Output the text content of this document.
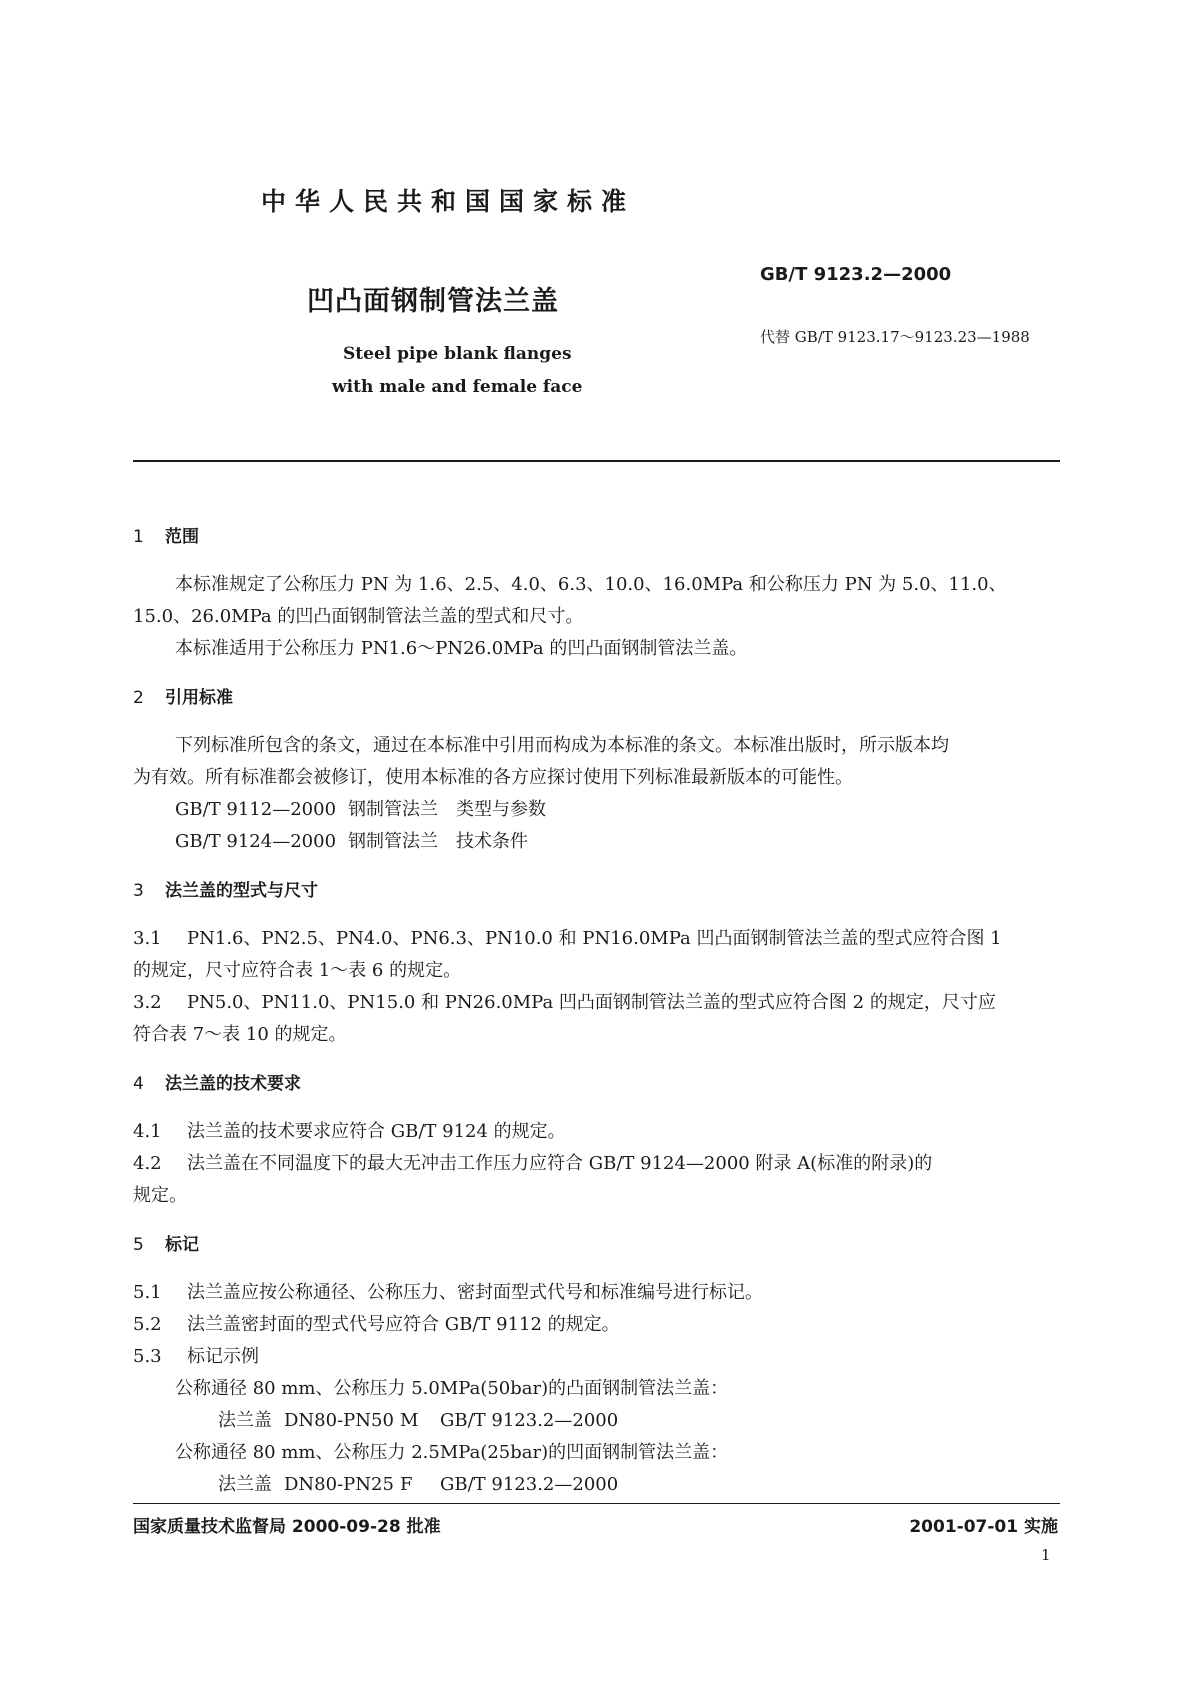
中华人民共和国国家标准
GB/T 9123.2—2000
凹凸面钢制管法兰盖
代替 GB/T 9123.17～9123.23—1988
Steel pipe blank flanges
with male and female face
1 范围
本标准规定了公称压力 PN 为 1.6、2.5、4.0、6.3、10.0、16.0MPa 和公称压力 PN 为 5.0、11.0、
15.0、26.0MPa 的凹凸面钢制管法兰盖的型式和尺寸。
本标准适用于公称压力 PN1.6～PN26.0MPa 的凹凸面钢制管法兰盖。
2 引用标准
下列标准所包含的条文，通过在本标准中引用而构成为本标准的条文。本标准出版时，所示版本均
为有效。所有标准都会被修订，使用本标准的各方应探讨使用下列标准最新版本的可能性。
GB/T 9112—2000 钢制管法兰 类型与参数
GB/T 9124—2000 钢制管法兰 技术条件
3 法兰盖的型式与尺寸
3.1 PN1.6、PN2.5、PN4.0、PN6.3、PN10.0 和 PN16.0MPa 凹凸面钢制管法兰盖的型式应符合图 1
的规定，尺寸应符合表 1～表 6 的规定。
3.2 PN5.0、PN11.0、PN15.0 和 PN26.0MPa 凹凸面钢制管法兰盖的型式应符合图 2 的规定，尺寸应
符合表 7～表 10 的规定。
4 法兰盖的技术要求
4.1 法兰盖的技术要求应符合 GB/T 9124 的规定。
4.2 法兰盖在不同温度下的最大无冲击工作压力应符合 GB/T 9124—2000 附录 A(标准的附录)的
规定。
5 标记
5.1 法兰盖应按公称通径、公称压力、密封面型式代号和标准编号进行标记。
5.2 法兰盖密封面的型式代号应符合 GB/T 9112 的规定。
5.3 标记示例
公称通径 80 mm、公称压力 5.0MPa(50bar)的凸面钢制管法兰盖：
法兰盖 DN80-PN50 M GB/T 9123.2—2000
公称通径 80 mm、公称压力 2.5MPa(25bar)的凹面钢制管法兰盖：
法兰盖 DN80-PN25 F GB/T 9123.2—2000
国家质量技术监督局 2000-09-28 批准	2001-07-01 实施
1
